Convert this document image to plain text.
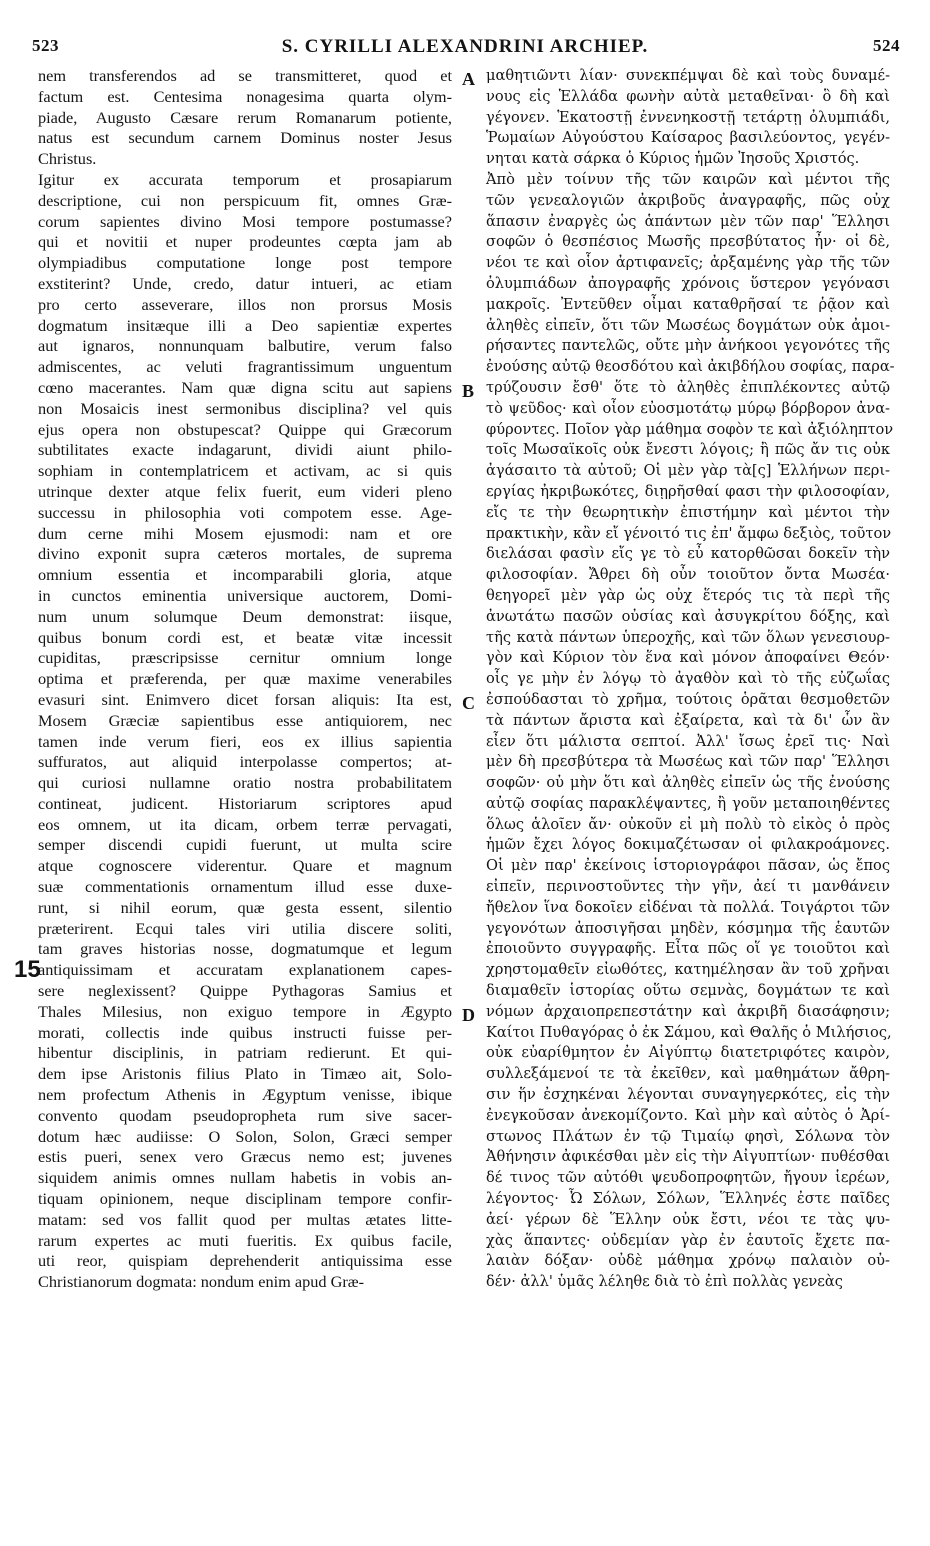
523	S. CYRILLI ALEXANDRINI ARCHIEP.	524
nem transferendos ad se transmitteret, quod et
factum est. Centesima nonagesima quarta olym-
piade, Augusto Cæsare rerum Romanarum potiente,
natus est secundum carnem Dominus noster Jesus
Christus.
Igitur ex accurata temporum et prosapiarum
descriptione, cui non perspicuum fit, omnes Græ-
corum sapientes divino Mosi tempore postumasse?
qui et novitii et nuper prodeuntes cœpta jam ab
olympiadibus computatione longe post tempore
exstiterint? Unde, credo, datur intueri, ac etiam
pro certo asseverare, illos non prorsus Mosis
dogmatum insitæque illi a Deo sapientiæ expertes
aut ignaros, nonnunquam balbutire, verum falso
admiscentes, ac veluti fragrantissimum unguentum
cœno macerantes. Nam quæ digna scitu aut sapiens
non Mosaicis inest sermonibus disciplina? vel quis
ejus opera non obstupescat? Quippe qui Græcorum
subtilitates exacte indagarunt, dividi aiunt philo-
sophiam in contemplatricem et activam, ac si quis
utrinque dexter atque felix fuerit, eum videri pleno
successu in philosophia voti compotem esse. Age-
dum cerne mihi Mosem ejusmodi: nam et ore
divino exponit supra cæteros mortales, de suprema
omnium essentia et incomparabili gloria, atque
in cunctos eminentia universique auctorem, Domi-
num unum solumque Deum demonstrat: iisque,
quibus bonum cordi est, et beatæ vitæ incessit
cupiditas, præscripsisse cernitur omnium longe
optima et præferenda, per quæ maxime venerabiles
evasuri sint. Enimvero dicet forsan aliquis: Ita est,
Mosem Græciæ sapientibus esse antiquiorem, nec
tamen inde verum fieri, eos ex illius sapientia
suffuratos, aut aliquid interpolasse compertos; at-
qui curiosi nullamne oratio nostra probabilitatem
contineat, judicent. Historiarum scriptores apud
eos omnem, ut ita dicam, orbem terræ pervagati,
semper discendi cupidi fuerunt, ut multa scire
atque cognoscere viderentur. Quare et magnum
suæ commentationis ornamentum illud esse duxe-
runt, si nihil eorum, quæ gesta essent, silentio
præterirent. Ecqui tales viri utilia discere soliti,
tam graves historias nosse, dogmatumque et legum
antiquissimam et accuratam explanationem capes-
sere neglexissent? Quippe Pythagoras Samius et
Thales Milesius, non exiguo tempore in Ægypto
morati, collectis inde quibus instructi fuisse per-
hibentur disciplinis, in patriam redierunt. Et qui-
dem ipse Aristonis filius Plato in Timæo ait, Solo-
nem profectum Athenis in Ægyptum venisse, ibique
convento quodam pseudopropheta rum sive sacer-
dotum hæc audiisse: O Solon, Solon, Græci semper
estis pueri, senex vero Græcus nemo est; juvenes
siquidem animis omnes nullam habetis in vobis an-
tiquam opinionem, neque disciplinam tempore confir-
matam: sed vos fallit quod per multas ætates litte-
rarum expertes ac muti fueritis. Ex quibus facile,
uti reor, quispiam deprehenderit antiquissima esse
Christianorum dogmata: nondum enim apud Græ-
μαθητιῶντι λίαν· συνεκπέμψαι δὲ καὶ τοὺς δυναμέ-
νους εἰς Ἑλλάδα φωνὴν αὐτὰ μεταθεῖναι· ὃ δὴ καὶ
γέγονεν. Ἑκατοστῇ ἐννενηκοστῇ τετάρτῃ ὀλυμπιάδι,
Ῥωμαίων Αὐγούστου Καίσαρος βασιλεύοντος, γεγέν-
νηται κατὰ σάρκα ὁ Κύριος ἡμῶν Ἰησοῦς Χριστός.
Ἀπὸ μὲν τοίνυν τῆς τῶν καιρῶν καὶ μέντοι τῆς
τῶν γενεαλογιῶν ἀκριβοῦς ἀναγραφῆς, πῶς οὐχ
ἅπασιν ἐναργὲς ὡς ἁπάντων μὲν τῶν παρ' Ἕλλησι
σοφῶν ὁ θεσπέσιος Μωσῆς πρεσβύτατος ἦν· οἱ δὲ,
νέοι τε καὶ οἷον ἀρτιφανεῖς; ἀρξαμένης γὰρ τῆς τῶν
ὀλυμπιάδων ἀπογραφῆς χρόνοις ὕστερον γεγόνασι
μακροῖς. Ἐντεῦθεν οἶμαι καταθρῆσαί τε ῥᾷον καὶ
ἀληθὲς εἰπεῖν, ὅτι τῶν Μωσέως δογμάτων οὐκ ἀμοι-
ρήσαντες παντελῶς, οὔτε μὴν ἀνήκοοι γεγονότες τῆς
ἐνούσης αὐτῷ θεοσδότου καὶ ἀκιβδήλου σοφίας, παρα-
τρύζουσιν ἔσθ' ὅτε τὸ ἀληθὲς ἐπιπλέκοντες αὐτῷ
τὸ ψεῦδος· καὶ οἷον εὐοσμοτάτῳ μύρῳ βόρβορον ἀνα-
φύροντες. Ποῖον γὰρ μάθημα σοφὸν τε καὶ ἀξιόληπτον
τοῖς Μωσαϊκοῖς οὐκ ἔνεστι λόγοις; ἢ πῶς ἄν τις οὐκ
ἀγάσαιτο τὰ αὐτοῦ; Οἱ μὲν γὰρ τὰ[ς] Ἑλλήνων περι-
εργίας ἠκριβωκότες, διῃρῆσθαί φασι τὴν φιλοσοφίαν,
εἴς τε τὴν θεωρητικὴν ἐπιστήμην καὶ μέντοι τὴν
πρακτικὴν, κἂν εἴ γένοιτό τις ἐπ' ἄμφω δεξιὸς, τοῦτον
διελάσαι φασὶν εἴς γε τὸ εὖ κατορθῶσαι δοκεῖν τὴν
φιλοσοφίαν. Ἄθρει δὴ οὖν τοιοῦτον ὄντα Μωσέα·
θεηγορεῖ μὲν γὰρ ὡς οὐχ ἕτερός τις τὰ περὶ τῆς
ἀνωτάτω πασῶν οὐσίας καὶ ἀσυγκρίτου δόξης, καὶ
τῆς κατὰ πάντων ὑπεροχῆς, καὶ τῶν ὅλων γενεσιουρ-
γὸν καὶ Κύριον τὸν ἕνα καὶ μόνον ἀποφαίνει Θεόν·
οἷς γε μὴν ἐν λόγῳ τὸ ἀγαθὸν καὶ τὸ τῆς εὐζωΐας
ἐσπούδασται τὸ χρῆμα, τούτοις ὁρᾶται θεσμοθετῶν
τὰ πάντων ἄριστα καὶ ἐξαίρετα, καὶ τὰ δι' ὧν ἂν
εἶεν ὅτι μάλιστα σεπτοί. Ἀλλ' ἴσως ἐρεῖ τις· Ναὶ
μὲν δὴ πρεσβύτερα τὰ Μωσέως καὶ τῶν παρ' Ἕλλησι
σοφῶν· οὐ μὴν ὅτι καὶ ἀληθὲς εἰπεῖν ὡς τῆς ἐνούσης
αὐτῷ σοφίας παρακλέψαντες, ἢ γοῦν μεταποιηθέντες
ὅλως ἁλοῖεν ἄν· οὐκοῦν εἰ μὴ πολὺ τὸ εἰκὸς ὁ πρὸς
ἡμῶν ἔχει λόγος δοκιμαζέτωσαν οἱ φιλακροάμονες.
Οἱ μὲν παρ' ἐκείνοις ἱστοριογράφοι πᾶσαν, ὡς ἔπος
εἰπεῖν, περινοστοῦντες τὴν γῆν, ἀεί τι μανθάνειν
ἤθελον ἵνα δοκοῖεν εἰδέναι τὰ πολλά. Τοιγάρτοι τῶν
γεγονότων ἀποσιγῆσαι μηδὲν, κόσμημα τῆς ἑαυτῶν
ἐποιοῦντο συγγραφῆς. Εἶτα πῶς οἵ γε τοιοῦτοι καὶ
χρηστομαθεῖν εἰωθότες, κατημέλησαν ἂν τοῦ χρῆναι
διαμαθεῖν ἱστορίας οὕτω σεμνὰς, δογμάτων τε καὶ
νόμων ἀρχαιοπρεπεστάτην καὶ ἀκριβῆ διασάφησιν;
Καίτοι Πυθαγόρας ὁ ἐκ Σάμου, καὶ Θαλῆς ὁ Μιλήσιος,
οὐκ εὐαρίθμητον ἐν Αἰγύπτῳ διατετριφότες καιρὸν,
συλλεξάμενοί τε τὰ ἐκεῖθεν, καὶ μαθημάτων ἄθρη-
σιν ἥν ἐσχηκέναι λέγονται συναγηγερκότες, εἰς τὴν
ἐνεγκοῦσαν ἀνεκομίζοντο. Καὶ μὴν καὶ αὐτὸς ὁ Ἀρί-
στωνος Πλάτων ἐν τῷ Τιμαίῳ φησὶ, Σόλωνα τὸν
Ἀθήνησιν ἀφικέσθαι μὲν εἰς τὴν Αἰγυπτίων· πυθέσθαι
δέ τινος τῶν αὐτόθι ψευδοπροφητῶν, ἤγουν ἱερέων,
λέγοντος· Ὦ Σόλων, Σόλων, Ἕλληνές ἐστε παῖδες
ἀεί· γέρων δὲ Ἕλλην οὐκ ἔστι, νέοι τε τὰς ψυ-
χὰς ἅπαντες· οὐδεμίαν γὰρ ἐν ἑαυτοῖς ἔχετε πα-
λαιὰν δόξαν· οὐδὲ μάθημα χρόνῳ παλαιὸν οὐ-
δέν· ἀλλ' ὑμᾶς λέληθε διὰ τὸ ἐπὶ πολλὰς γενεὰς
A
B
C
D
15
